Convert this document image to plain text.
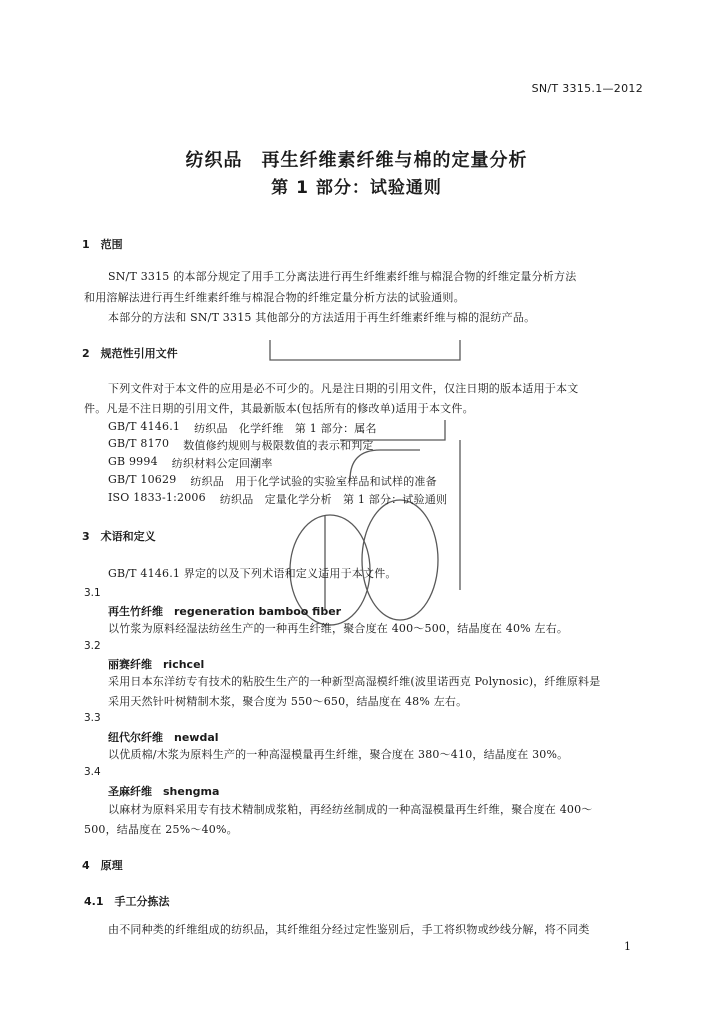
SN/T 3315.1—2012
纺织品　再生纤维素纤维与棉的定量分析
第 1 部分：试验通则
1　范围
SN/T 3315 的本部分规定了用手工分离法进行再生纤维素纤维与棉混合物的纤维定量分析方法
和用溶解法进行再生纤维素纤维与棉混合物的纤维定量分析方法的试验通则。
本部分的方法和 SN/T 3315 其他部分的方法适用于再生纤维素纤维与棉的混纺产品。
2　规范性引用文件
下列文件对于本文件的应用是必不可少的。凡是注日期的引用文件，仅注日期的版本适用于本文
件。凡是不注日期的引用文件，其最新版本(包括所有的修改单)适用于本文件。
GB/T 4146.1 纺织品　化学纤维　第 1 部分：属名
GB/T 8170 数值修约规则与极限数值的表示和判定
GB 9994 纺织材料公定回潮率
GB/T 10629 纺织品　用于化学试验的实验室样品和试样的准备
ISO 1833-1:2006 纺织品　定量化学分析　第 1 部分：试验通则
3　术语和定义
GB/T 4146.1 界定的以及下列术语和定义适用于本文件。
3.1
再生竹纤维　regeneration bamboo fiber
以竹浆为原料经湿法纺丝生产的一种再生纤维，聚合度在 400～500，结晶度在 40% 左右。
3.2
丽赛纤维　richcel
采用日本东洋纺专有技术的粘胶生生产的一种新型高湿模纤维(波里诺西克 Polynosic)，纤维原料是
采用天然针叶树精制木浆，聚合度为 550～650，结晶度在 48% 左右。
3.3
纽代尔纤维　newdal
以优质棉/木浆为原料生产的一种高湿模量再生纤维，聚合度在 380～410，结晶度在 30%。
3.4
圣麻纤维　shengma
以麻材为原料采用专有技术精制成浆粕，再经纺丝制成的一种高湿模量再生纤维，聚合度在 400～
500，结晶度在 25%～40%。
4　原理
4.1　手工分拣法
由不同种类的纤维组成的纺织品，其纤维组分经过定性鉴别后，手工将织物或纱线分解，将不同类
1
